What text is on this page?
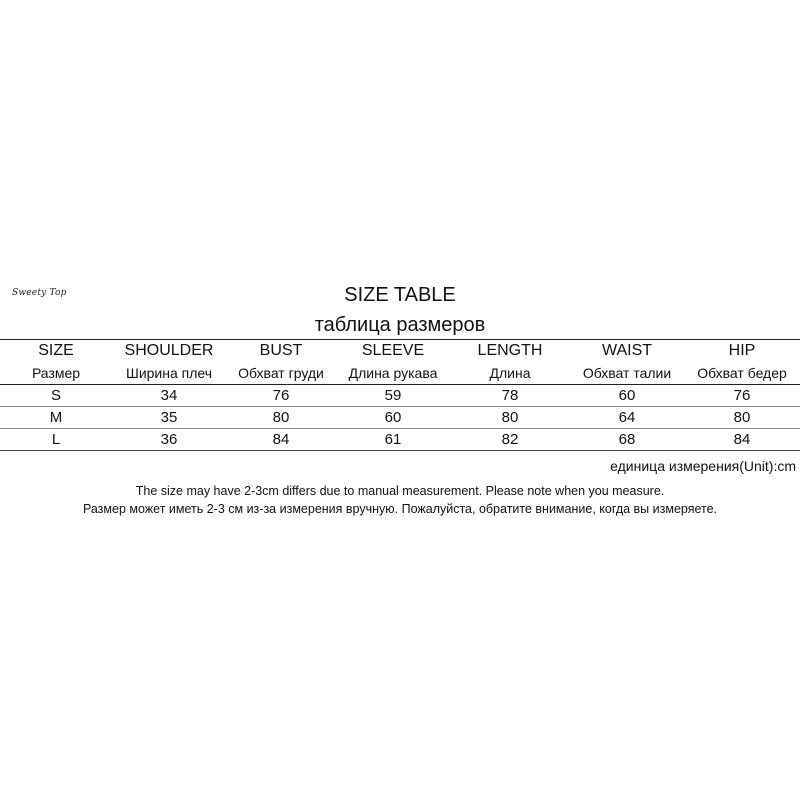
Sweety Top	SIZE TABLE
таблица размеров
SIZE	SHOULDER	BUST	SLEEVE	LENGTH	WAIST	HIP
Размер	Ширина плеч	Обхват груди	Длина рукава	Длина	Обхват талии	Обхват бедер
S	34	76	59	78	60	76
M	35	80	60	80	64	80
L	36	84	61	82	68	84
единица измерения(Unit):cm

The size may have 2-3cm differs due to manual measurement. Please note when you measure.

Размер может иметь 2-3 см из-за измерения вручную. Пожалуйста, обратите внимание, когда вы измеряете.
